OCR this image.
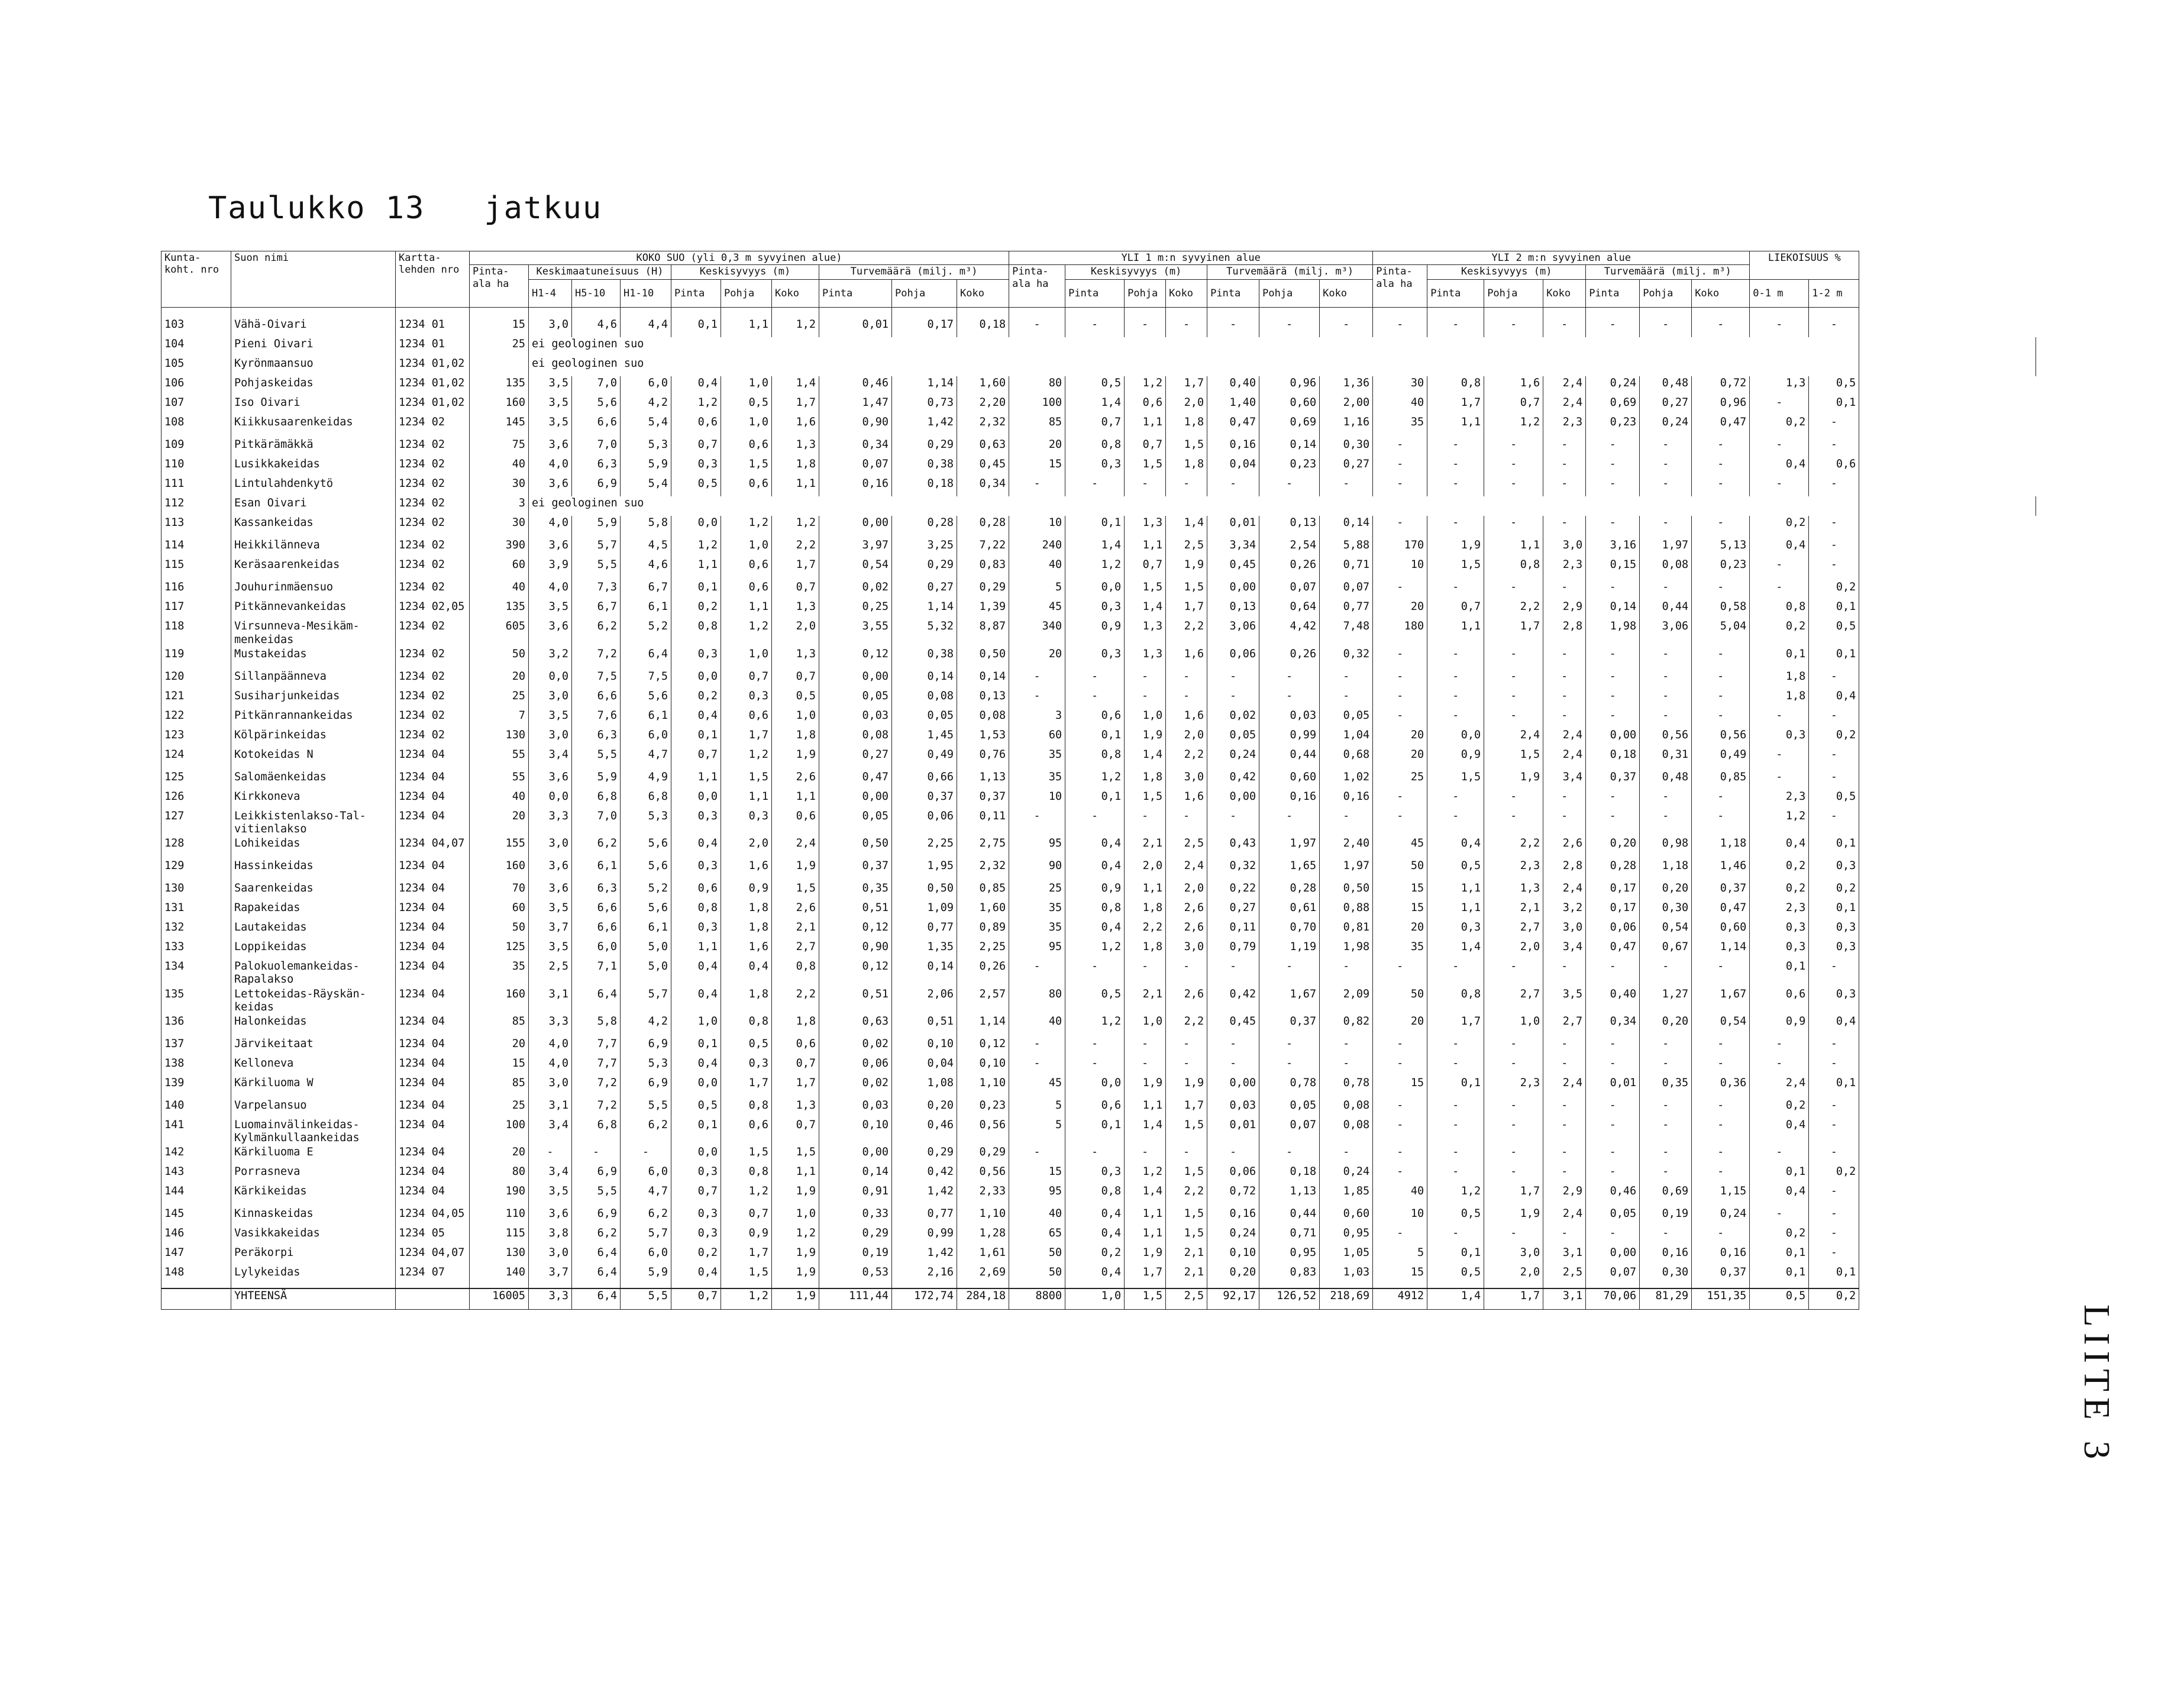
Taulukko 13   jatkuu
Kunta-koht. nro	Suon nimi	Kartta-lehden nro	KOKO SUO (yli 0,3 m syvyinen alue)										YLI 1 m:n syvyinen alue							YLI 2 m:n syvyinen alue							LIEKOISUUS %		
			Pinta-ala ha	Keskimaatuneisuus (H)			Keskisyvyys (m)			Turvemäärä (milj. m³)			Pinta-ala ha	Keskisyvyys (m)			Turvemäärä (milj. m³)			Pinta-ala ha	Keskisyvyys (m)			Turvemäärä (milj. m³)					
				H1-4	H5-10	H1-10	Pinta	Pohja	Koko	Pinta	Pohja	Koko		Pinta	Pohja	Koko	Pinta	Pohja	Koko		Pinta	Pohja	Koko	Pinta	Pohja	Koko	0-1 m	1-2 m	
103	Vähä-Oivari	1234 01	15	3,0	4,6	4,4	0,1	1,1	1,2	0,01	0,17	0,18	-	-	-	-	-	-	-	-	-	-	-	-	-	-	-	-	
104	Pieni Oivari	1234 01	25	ei geologinen suo																									
105	Kyrönmaansuo	1234 01,02		ei geologinen suo																									
106	Pohjaskeidas	1234 01,02	135	3,5	7,0	6,0	0,4	1,0	1,4	0,46	1,14	1,60	80	0,5	1,2	1,7	0,40	0,96	1,36	30	0,8	1,6	2,4	0,24	0,48	0,72	1,3	0,5	
107	Iso Oivari	1234 01,02	160	3,5	5,6	4,2	1,2	0,5	1,7	1,47	0,73	2,20	100	1,4	0,6	2,0	1,40	0,60	2,00	40	1,7	0,7	2,4	0,69	0,27	0,96	-	0,1	
108	Kiikkusaarenkeidas	1234 02	145	3,5	6,6	5,4	0,6	1,0	1,6	0,90	1,42	2,32	85	0,7	1,1	1,8	0,47	0,69	1,16	35	1,1	1,2	2,3	0,23	0,24	0,47	0,2	-	
109	Pitkärämäkkä	1234 02	75	3,6	7,0	5,3	0,7	0,6	1,3	0,34	0,29	0,63	20	0,8	0,7	1,5	0,16	0,14	0,30	-	-	-	-	-	-	-	-	-	
110	Lusikkakeidas	1234 02	40	4,0	6,3	5,9	0,3	1,5	1,8	0,07	0,38	0,45	15	0,3	1,5	1,8	0,04	0,23	0,27	-	-	-	-	-	-	-	0,4	0,6	
111	Lintulahdenkytö	1234 02	30	3,6	6,9	5,4	0,5	0,6	1,1	0,16	0,18	0,34	-	-	-	-	-	-	-	-	-	-	-	-	-	-	-	-	
112	Esan Oivari	1234 02	3	ei geologinen suo																									
113	Kassankeidas	1234 02	30	4,0	5,9	5,8	0,0	1,2	1,2	0,00	0,28	0,28	10	0,1	1,3	1,4	0,01	0,13	0,14	-	-	-	-	-	-	-	0,2	-	
114	Heikkilänneva	1234 02	390	3,6	5,7	4,5	1,2	1,0	2,2	3,97	3,25	7,22	240	1,4	1,1	2,5	3,34	2,54	5,88	170	1,9	1,1	3,0	3,16	1,97	5,13	0,4	-	
115	Keräsaarenkeidas	1234 02	60	3,9	5,5	4,6	1,1	0,6	1,7	0,54	0,29	0,83	40	1,2	0,7	1,9	0,45	0,26	0,71	10	1,5	0,8	2,3	0,15	0,08	0,23	-	-	
116	Jouhurinmäensuo	1234 02	40	4,0	7,3	6,7	0,1	0,6	0,7	0,02	0,27	0,29	5	0,0	1,5	1,5	0,00	0,07	0,07	-	-	-	-	-	-	-	-	0,2	
117	Pitkännevankeidas	1234 02,05	135	3,5	6,7	6,1	0,2	1,1	1,3	0,25	1,14	1,39	45	0,3	1,4	1,7	0,13	0,64	0,77	20	0,7	2,2	2,9	0,14	0,44	0,58	0,8	0,1	
118	Virsunneva-Mesikäm-menkeidas	1234 02	605	3,6	6,2	5,2	0,8	1,2	2,0	3,55	5,32	8,87	340	0,9	1,3	2,2	3,06	4,42	7,48	180	1,1	1,7	2,8	1,98	3,06	5,04	0,2	0,5	
119	Mustakeidas	1234 02	50	3,2	7,2	6,4	0,3	1,0	1,3	0,12	0,38	0,50	20	0,3	1,3	1,6	0,06	0,26	0,32	-	-	-	-	-	-	-	0,1	0,1	
120	Sillanpäänneva	1234 02	20	0,0	7,5	7,5	0,0	0,7	0,7	0,00	0,14	0,14	-	-	-	-	-	-	-	-	-	-	-	-	-	-	1,8	-	
121	Susiharjunkeidas	1234 02	25	3,0	6,6	5,6	0,2	0,3	0,5	0,05	0,08	0,13	-	-	-	-	-	-	-	-	-	-	-	-	-	-	1,8	0,4	
122	Pitkänrannankeidas	1234 02	7	3,5	7,6	6,1	0,4	0,6	1,0	0,03	0,05	0,08	3	0,6	1,0	1,6	0,02	0,03	0,05	-	-	-	-	-	-	-	-	-	
123	Kölpärinkeidas	1234 02	130	3,0	6,3	6,0	0,1	1,7	1,8	0,08	1,45	1,53	60	0,1	1,9	2,0	0,05	0,99	1,04	20	0,0	2,4	2,4	0,00	0,56	0,56	0,3	0,2	
124	Kotokeidas N	1234 04	55	3,4	5,5	4,7	0,7	1,2	1,9	0,27	0,49	0,76	35	0,8	1,4	2,2	0,24	0,44	0,68	20	0,9	1,5	2,4	0,18	0,31	0,49	-	-	
125	Salomäenkeidas	1234 04	55	3,6	5,9	4,9	1,1	1,5	2,6	0,47	0,66	1,13	35	1,2	1,8	3,0	0,42	0,60	1,02	25	1,5	1,9	3,4	0,37	0,48	0,85	-	-	
126	Kirkkoneva	1234 04	40	0,0	6,8	6,8	0,0	1,1	1,1	0,00	0,37	0,37	10	0,1	1,5	1,6	0,00	0,16	0,16	-	-	-	-	-	-	-	2,3	0,5	
127	Leikkistenlakso-Tal-vitienlakso	1234 04	20	3,3	7,0	5,3	0,3	0,3	0,6	0,05	0,06	0,11	-	-	-	-	-	-	-	-	-	-	-	-	-	-	1,2	-	
128	Lohikeidas	1234 04,07	155	3,0	6,2	5,6	0,4	2,0	2,4	0,50	2,25	2,75	95	0,4	2,1	2,5	0,43	1,97	2,40	45	0,4	2,2	2,6	0,20	0,98	1,18	0,4	0,1	
129	Hassinkeidas	1234 04	160	3,6	6,1	5,6	0,3	1,6	1,9	0,37	1,95	2,32	90	0,4	2,0	2,4	0,32	1,65	1,97	50	0,5	2,3	2,8	0,28	1,18	1,46	0,2	0,3	
130	Saarenkeidas	1234 04	70	3,6	6,3	5,2	0,6	0,9	1,5	0,35	0,50	0,85	25	0,9	1,1	2,0	0,22	0,28	0,50	15	1,1	1,3	2,4	0,17	0,20	0,37	0,2	0,2	
131	Rapakeidas	1234 04	60	3,5	6,6	5,6	0,8	1,8	2,6	0,51	1,09	1,60	35	0,8	1,8	2,6	0,27	0,61	0,88	15	1,1	2,1	3,2	0,17	0,30	0,47	2,3	0,1	
132	Lautakeidas	1234 04	50	3,7	6,6	6,1	0,3	1,8	2,1	0,12	0,77	0,89	35	0,4	2,2	2,6	0,11	0,70	0,81	20	0,3	2,7	3,0	0,06	0,54	0,60	0,3	0,3	
133	Loppikeidas	1234 04	125	3,5	6,0	5,0	1,1	1,6	2,7	0,90	1,35	2,25	95	1,2	1,8	3,0	0,79	1,19	1,98	35	1,4	2,0	3,4	0,47	0,67	1,14	0,3	0,3	
134	Palokuolemankeidas-Rapalakso	1234 04	35	2,5	7,1	5,0	0,4	0,4	0,8	0,12	0,14	0,26	-	-	-	-	-	-	-	-	-	-	-	-	-	-	0,1	-	
135	Lettokeidas-Räyskän-keidas	1234 04	160	3,1	6,4	5,7	0,4	1,8	2,2	0,51	2,06	2,57	80	0,5	2,1	2,6	0,42	1,67	2,09	50	0,8	2,7	3,5	0,40	1,27	1,67	0,6	0,3	
136	Halonkeidas	1234 04	85	3,3	5,8	4,2	1,0	0,8	1,8	0,63	0,51	1,14	40	1,2	1,0	2,2	0,45	0,37	0,82	20	1,7	1,0	2,7	0,34	0,20	0,54	0,9	0,4	
137	Järvikeitaat	1234 04	20	4,0	7,7	6,9	0,1	0,5	0,6	0,02	0,10	0,12	-	-	-	-	-	-	-	-	-	-	-	-	-	-	-	-	
138	Kelloneva	1234 04	15	4,0	7,7	5,3	0,4	0,3	0,7	0,06	0,04	0,10	-	-	-	-	-	-	-	-	-	-	-	-	-	-	-	-	
139	Kärkiluoma W	1234 04	85	3,0	7,2	6,9	0,0	1,7	1,7	0,02	1,08	1,10	45	0,0	1,9	1,9	0,00	0,78	0,78	15	0,1	2,3	2,4	0,01	0,35	0,36	2,4	0,1	
140	Varpelansuo	1234 04	25	3,1	7,2	5,5	0,5	0,8	1,3	0,03	0,20	0,23	5	0,6	1,1	1,7	0,03	0,05	0,08	-	-	-	-	-	-	-	0,2	-	
141	Luomainvälinkeidas-Kylmänkullaankeidas	1234 04	100	3,4	6,8	6,2	0,1	0,6	0,7	0,10	0,46	0,56	5	0,1	1,4	1,5	0,01	0,07	0,08	-	-	-	-	-	-	-	0,4	-	
142	Kärkiluoma E	1234 04	20	-	-	-	0,0	1,5	1,5	0,00	0,29	0,29	-	-	-	-	-	-	-	-	-	-	-	-	-	-	-	-	
143	Porrasneva	1234 04	80	3,4	6,9	6,0	0,3	0,8	1,1	0,14	0,42	0,56	15	0,3	1,2	1,5	0,06	0,18	0,24	-	-	-	-	-	-	-	0,1	0,2	
144	Kärkikeidas	1234 04	190	3,5	5,5	4,7	0,7	1,2	1,9	0,91	1,42	2,33	95	0,8	1,4	2,2	0,72	1,13	1,85	40	1,2	1,7	2,9	0,46	0,69	1,15	0,4	-	
145	Kinnaskeidas	1234 04,05	110	3,6	6,9	6,2	0,3	0,7	1,0	0,33	0,77	1,10	40	0,4	1,1	1,5	0,16	0,44	0,60	10	0,5	1,9	2,4	0,05	0,19	0,24	-	-	
146	Vasikkakeidas	1234 05	115	3,8	6,2	5,7	0,3	0,9	1,2	0,29	0,99	1,28	65	0,4	1,1	1,5	0,24	0,71	0,95	-	-	-	-	-	-	-	0,2	-	
147	Peräkorpi	1234 04,07	130	3,0	6,4	6,0	0,2	1,7	1,9	0,19	1,42	1,61	50	0,2	1,9	2,1	0,10	0,95	1,05	5	0,1	3,0	3,1	0,00	0,16	0,16	0,1	-	
148	Lylykeidas	1234 07	140	3,7	6,4	5,9	0,4	1,5	1,9	0,53	2,16	2,69	50	0,4	1,7	2,1	0,20	0,83	1,03	15	0,5	2,0	2,5	0,07	0,30	0,37	0,1	0,1	
	YHTEENSÄ		16005	3,3	6,4	5,5	0,7	1,2	1,9	111,44	172,74	284,18	8800	1,0	1,5	2,5	92,17	126,52	218,69	4912	1,4	1,7	3,1	70,06	81,29	151,35	0,5	0,2	
LIITE 3
